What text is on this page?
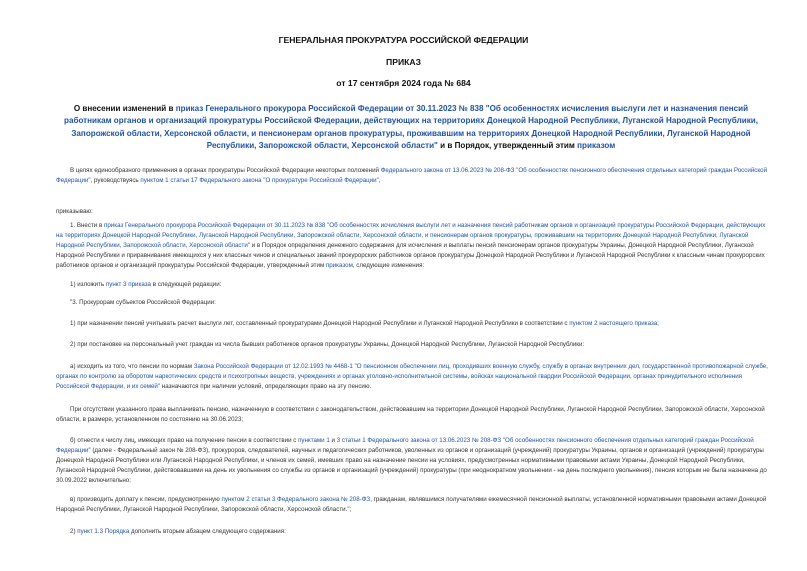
ГЕНЕРАЛЬНАЯ ПРОКУРАТУРА РОССИЙСКОЙ ФЕДЕРАЦИИ
ПРИКАЗ
от 17 сентября 2024 года № 684
О внесении изменений в приказ Генерального прокурора Российской Федерации от 30.11.2023 № 838 "Об особенностях исчисления выслуги лет и назначения пенсий работникам органов и организаций прокуратуры Российской Федерации, действующих на территориях Донецкой Народной Республики, Луганской Народной Республики, Запорожской области, Херсонской области, и пенсионерам органов прокуратуры, проживавшим на территориях Донецкой Народной Республики, Луганской Народной Республики, Запорожской области, Херсонской области" и в Порядок, утвержденный этим приказом
В целях единообразного применения в органах прокуратуры Российской Федерации некоторых положений Федерального закона от 13.06.2023 № 208-ФЗ "Об особенностях пенсионного обеспечения отдельных категорий граждан Российской Федерации", руководствуясь пунктом 1 статьи 17 Федерального закона "О прокуратуре Российской Федерации",
приказываю:
1. Внести в приказ Генерального прокурора Российской Федерации от 30.11.2023 № 838 "Об особенностях исчисления выслуги лет и назначения пенсий работникам органов и организаций прокуратуры Российской Федерации, действующих на территориях Донецкой Народной Республики, Луганской Народной Республики, Запорожской области, Херсонской области, и пенсионерам органов прокуратуры, проживавшим на территориях Донецкой Народной Республики, Луганской Народной Республики, Запорожской области, Херсонской области" и в Порядок определения денежного содержания для исчисления и выплаты пенсий пенсионерам органов прокуратуры Украины, Донецкой Народной Республики, Луганской Народной Республики и приравнивания имеющихся у них классных чинов и специальных званий прокурорских работников органов прокуратуры Донецкой Народной Республики и Луганской Народной Республики к классным чинам прокурорских работников органов и организаций прокуратуры Российской Федерации, утвержденный этим приказом, следующие изменения:
1) изложить пункт 3 приказа в следующей редакции:
"3. Прокурорам субъектов Российской Федерации:
1) при назначении пенсий учитывать расчет выслуги лет, составленный прокуратурами Донецкой Народной Республики и Луганской Народной Республики в соответствии с пунктом 2 настоящего приказа;
2) при постановке на персональный учет граждан из числа бывших работников органов прокуратуры Украины, Донецкой Народной Республики, Луганской Народной Республики:
а) исходить из того, что пенсии по нормам Закона Российской Федерации от 12.02.1993 № 4468-1 "О пенсионном обеспечении лиц, проходивших военную службу, службу в органах внутренних дел, государственной противопожарной службе, органах по контролю за оборотом наркотических средств и психотропных веществ, учреждениях и органах уголовно-исполнительной системы, войсках национальной гвардии Российской Федерации, органах принудительного исполнения Российской Федерации, и их семей" назначаются при наличии условий, определяющих право на эту пенсию.
При отсутствии указанного права выплачивать пенсию, назначенную в соответствии с законодательством, действовавшим на территории Донецкой Народной Республики, Луганской Народной Республики, Запорожской области, Херсонской области, в размере, установленном по состоянию на 30.06.2023;
б) отнести к числу лиц, имеющих право на получение пенсии в соответствии с пунктами 1 и 3 статьи 1 Федерального закона от 13.06.2023 № 208-ФЗ "Об особенностях пенсионного обеспечения отдельных категорий граждан Российской Федерации" (далее - Федеральный закон № 208-ФЗ), прокуроров, следователей, научных и педагогических работников, уволенных из органов и организаций (учреждений) прокуратуры Украины, органов и организаций (учреждений) прокуратуры Донецкой Народной Республики или Луганской Народной Республики, и членов их семей, имевших право на назначение пенсии на условиях, предусмотренных нормативными правовыми актами Украины, Донецкой Народной Республики, Луганской Народной Республики, действовавшими на день их увольнения со службы из органов и организаций (учреждений) прокуратуры (при неоднократном увольнении - на день последнего увольнения), пенсия которым не была назначена до 30.09.2022 включительно;
в) производить доплату к пенсии, предусмотренную пунктом 2 статьи 3 Федерального закона № 208-ФЗ, гражданам, являвшимся получателями ежемесячной пенсионной выплаты, установленной нормативными правовыми актами Донецкой Народной Республики, Луганской Народной Республики, Запорожской области, Херсонской области.";
2) пункт 1.3 Порядка дополнить вторым абзацем следующего содержания:
